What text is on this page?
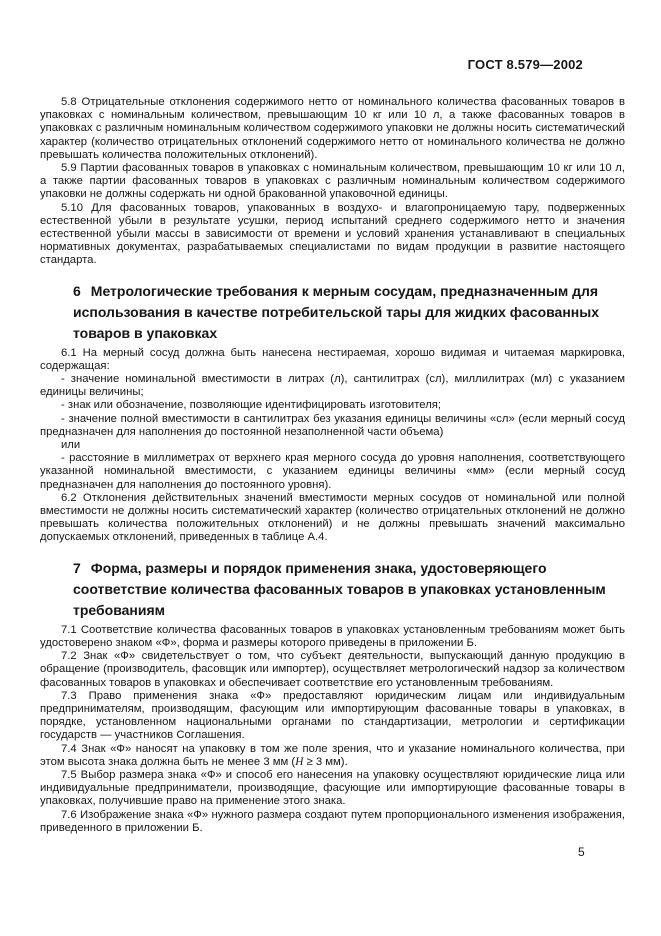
ГОСТ 8.579—2002

5.8 Отрицательные отклонения содержимого нетто от номинального количества фасованных товаров в упаковках с номинальным количеством, превышающим 10 кг или 10 л, а также фасованных товаров в упаковках с различным номинальным количеством содержимого упаковки не должны носить систематический характер (количество отрицательных отклонений содержимого нетто от номинального количества не должно превышать количества положительных отклонений).

5.9 Партии фасованных товаров в упаковках с номинальным количеством, превышающим 10 кг или 10 л, а также партии фасованных товаров в упаковках с различным номинальным количеством содержимого упаковки не должны содержать ни одной бракованной упаковочной единицы.

5.10 Для фасованных товаров, упакованных в воздухо- и влагопроницаемую тару, подверженных естественной убыли в результате усушки, период испытаний среднего содержимого нетто и значения естественной убыли массы в зависимости от времени и условий хранения устанавливают в специальных нормативных документах, разрабатываемых специалистами по видам продукции в развитие настоящего стандарта.

6 Метрологические требования к мерным сосудам, предназначенным для использования в качестве потребительской тары для жидких фасованных товаров в упаковках

6.1 На мерный сосуд должна быть нанесена нестираемая, хорошо видимая и читаемая маркировка, содержащая:

- значение номинальной вместимости в литрах (л), сантилитрах (сл), миллилитрах (мл) с указанием единицы величины;

- знак или обозначение, позволяющие идентифицировать изготовителя;

- значение полной вместимости в сантилитрах без указания единицы величины «сл» (если мерный сосуд предназначен для наполнения до постоянной незаполненной части объема)

или

- расстояние в миллиметрах от верхнего края мерного сосуда до уровня наполнения, соответствующего указанной номинальной вместимости, с указанием единицы величины «мм» (если мерный сосуд предназначен для наполнения до постоянного уровня).

6.2 Отклонения действительных значений вместимости мерных сосудов от номинальной или полной вместимости не должны носить систематический характер (количество отрицательных отклонений не должно превышать количества положительных отклонений) и не должны превышать значений максимально допускаемых отклонений, приведенных в таблице А.4.

7 Форма, размеры и порядок применения знака, удостоверяющего соответствие количества фасованных товаров в упаковках установленным требованиям

7.1 Соответствие количества фасованных товаров в упаковках установленным требованиям может быть удостоверено знаком «Ф», форма и размеры которого приведены в приложении Б.

7.2 Знак «Ф» свидетельствует о том, что субъект деятельности, выпускающий данную продукцию в обращение (производитель, фасовщик или импортер), осуществляет метрологический надзор за количеством фасованных товаров в упаковках и обеспечивает соответствие его установленным требованиям.

7.3 Право применения знака «Ф» предоставляют юридическим лицам или индивидуальным предпринимателям, производящим, фасующим или импортирующим фасованные товары в упаковках, в порядке, установленном национальными органами по стандартизации, метрологии и сертификации государств — участников Соглашения.

7.4 Знак «Ф» наносят на упаковку в том же поле зрения, что и указание номинального количества, при этом высота знака должна быть не менее 3 мм (H ≥ 3 мм).

7.5 Выбор размера знака «Ф» и способ его нанесения на упаковку осуществляют юридические лица или индивидуальные предприниматели, производящие, фасующие или импортирующие фасованные товары в упаковках, получившие право на применение этого знака.

7.6 Изображение знака «Ф» нужного размера создают путем пропорционального изменения изображения, приведенного в приложении Б.

5
